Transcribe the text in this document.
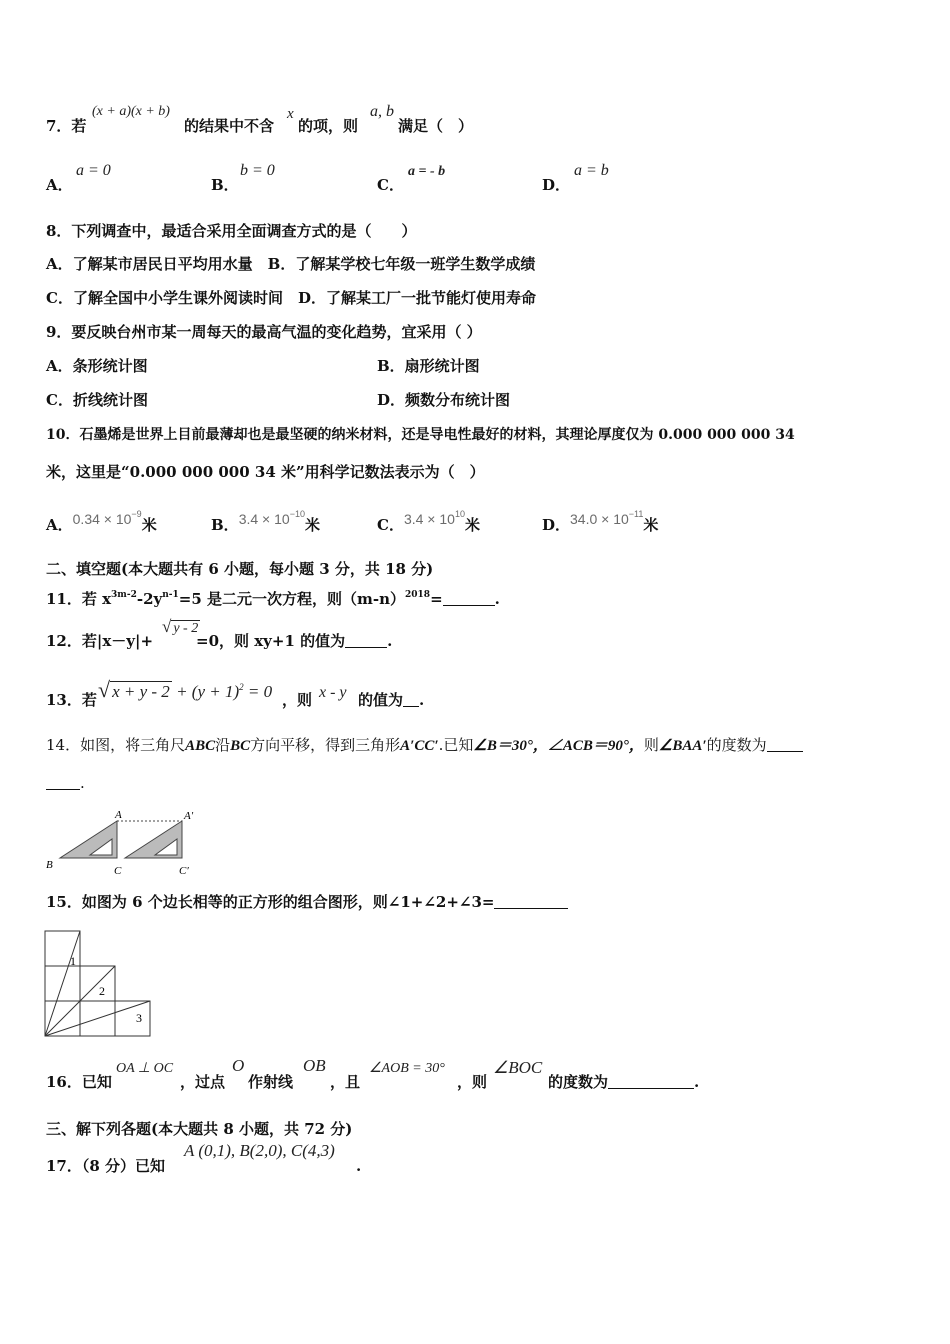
7．若
(x + a)(x + b)
的结果中不含
x
的项，则
a, b
满足（　）
A．
a = 0
B．
b = 0
C．
a = - b
D．
a = b
8．下列调查中，最适合采用全面调查方式的是（　　）
A．了解某市居民日平均用水量　B．了解某学校七年级一班学生数学成绩
C．了解全国中小学生课外阅读时间　D．了解某工厂一批节能灯使用寿命
9．要反映台州市某一周每天的最高气温的变化趋势，宜采用（ ）
A．条形统计图	B．扇形统计图
C．折线统计图	D．频数分布统计图
10．石墨烯是世界上目前最薄却也是最坚硬的纳米材料，还是导电性最好的材料，其理论厚度仅为 0.000 000 000 34
米，这里是“0.000 000 000 34 米”用科学记数法表示为（　）
A．$0.34 \times 10^{-9}$米	B．$3.4 \times 10^{-10}$米	C．$3.4 \times 10^{10}$米	D．$34.0 \times 10^{-11}$米
二、填空题(本大题共有 6 小题，每小题 3 分，共 18 分)
11．若 $x^{3m-2}-2y^{n-1}=5$ 是二元一次方程，则$(m-n)^{2018}=$	.
12．若|x－y|+
√ y - 2
=0，则 xy+1 的值为	.
13．若 √ $x + y - 2 + (y + 1)^2 = 0$ ，则 x - y 的值为 .
14．如图，将三角尺ABC沿BC方向平移，得到三角形A′CC′.已知∠B＝30°，∠ACB＝90°，则∠BAA′的度数为
.
A	A′
B	C	C′
15．如图为 6 个边长相等的正方形的组合图形，则∠1+∠2+∠3=
1
2
3
16．已知
OA ⊥ OC
，过点
O
作射线
OB
，且
∠AOB = 30°
，则
∠BOC
的度数为	.
三、解下列各题(本大题共 8 小题，共 72 分)
17．（8 分）已知
A (0,1), B(2,0), C(4,3)
.
